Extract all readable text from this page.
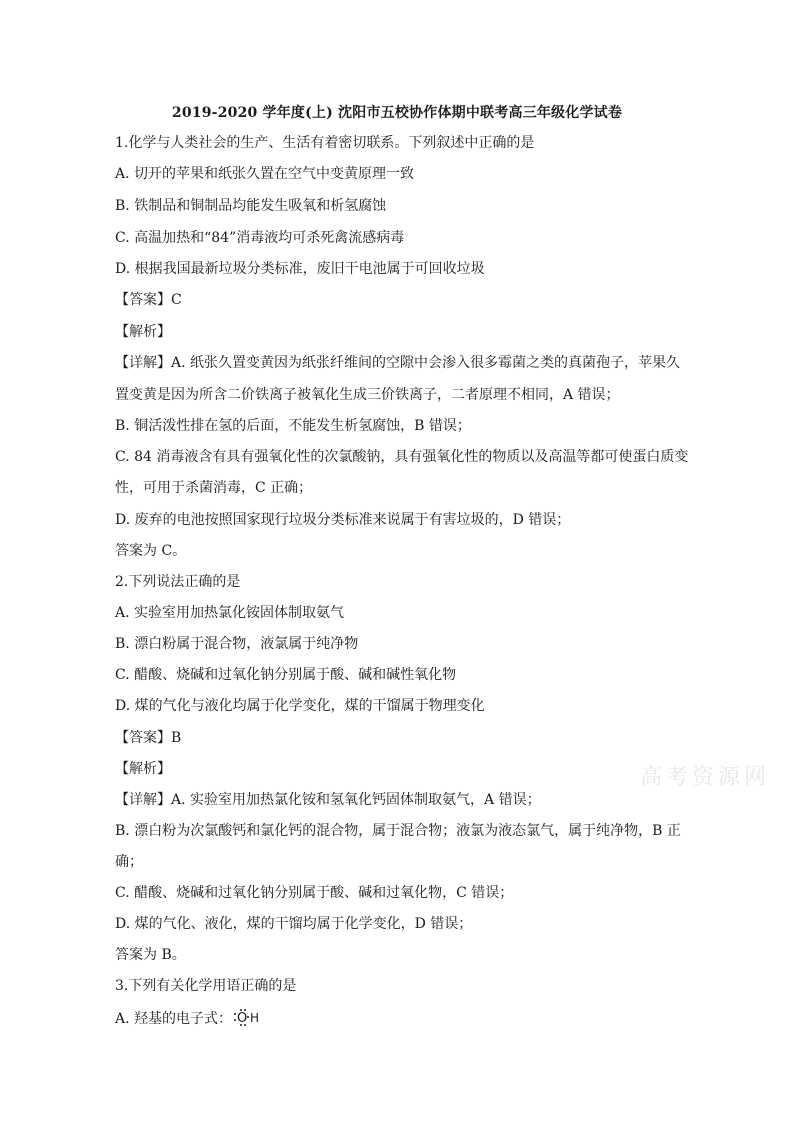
2019-2020 学年度(上) 沈阳市五校协作体期中联考高三年级化学试卷
1.化学与人类社会的生产、生活有着密切联系。下列叙述中正确的是
A. 切开的苹果和纸张久置在空气中变黄原理一致
B. 铁制品和铜制品均能发生吸氧和析氢腐蚀
C. 高温加热和“84”消毒液均可杀死禽流感病毒
D. 根据我国最新垃圾分类标准，废旧干电池属于可回收垃圾
【答案】C
【解析】
【详解】A. 纸张久置变黄因为纸张纤维间的空隙中会渗入很多霉菌之类的真菌孢子，苹果久
置变黄是因为所含二价铁离子被氧化生成三价铁离子，二者原理不相同，A 错误；
B. 铜活泼性排在氢的后面，不能发生析氢腐蚀，B 错误；
C. 84 消毒液含有具有强氧化性的次氯酸钠，具有强氧化性的物质以及高温等都可使蛋白质变
性，可用于杀菌消毒，C 正确；
D. 废弃的电池按照国家现行垃圾分类标准来说属于有害垃圾的，D 错误；
答案为 C。
2.下列说法正确的是
A. 实验室用加热氯化铵固体制取氨气
B. 漂白粉属于混合物，液氯属于纯净物
C. 醋酸、烧碱和过氧化钠分别属于酸、碱和碱性氧化物
D. 煤的气化与液化均属于化学变化，煤的干馏属于物理变化
【答案】B
【解析】
【详解】A. 实验室用加热氯化铵和氢氧化钙固体制取氨气，A 错误；
B. 漂白粉为次氯酸钙和氯化钙的混合物，属于混合物；液氯为液态氯气，属于纯净物，B 正
确；
C. 醋酸、烧碱和过氧化钠分别属于酸、碱和过氧化物，C 错误；
D. 煤的气化、液化，煤的干馏均属于化学变化，D 错误；
答案为 B。
3.下列有关化学用语正确的是
A. 羟基的电子式： O H
高考资源网
